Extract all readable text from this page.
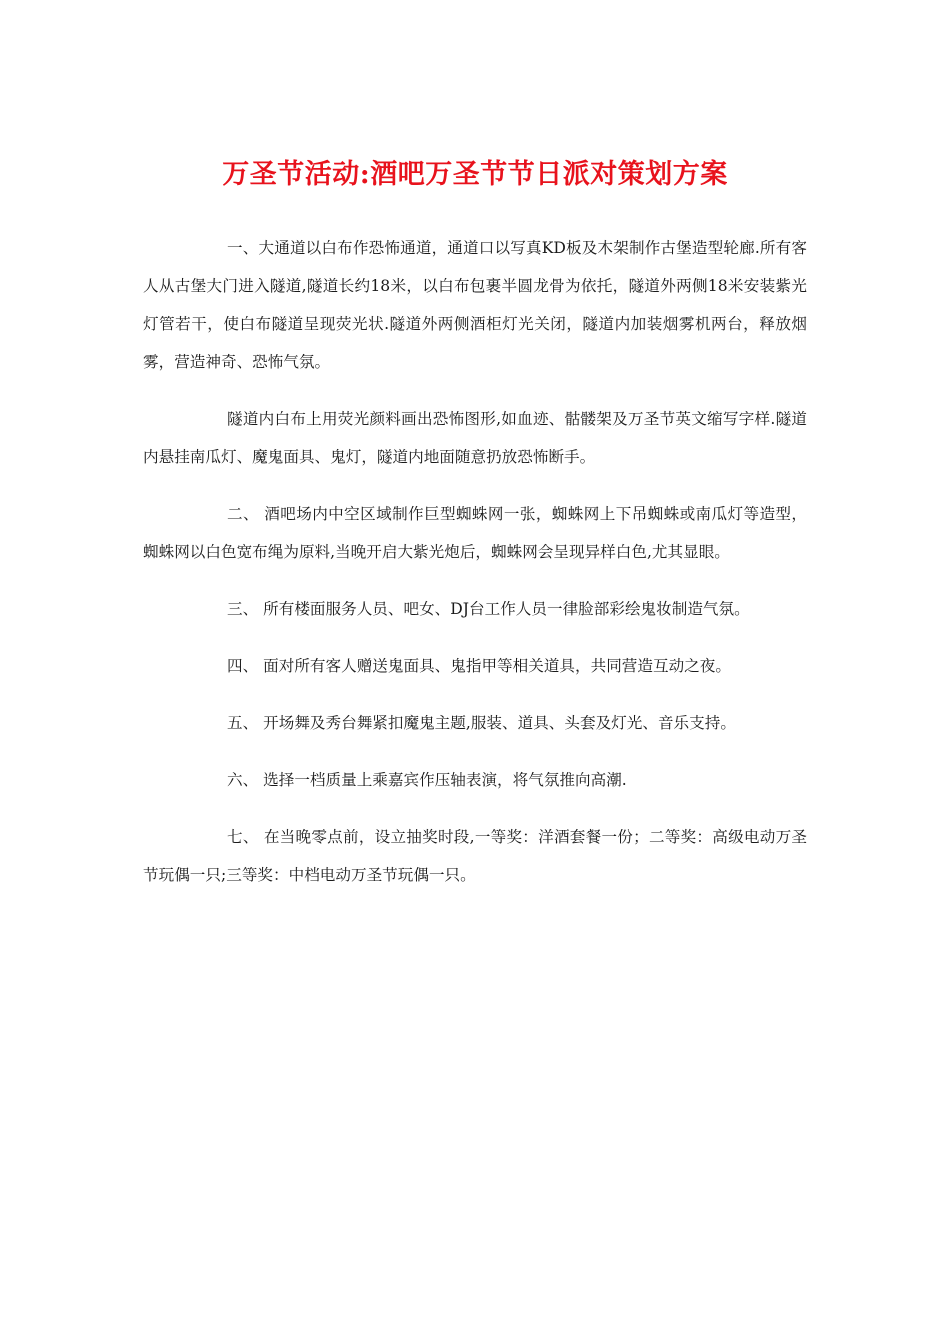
万圣节活动:酒吧万圣节节日派对策划方案

一、大通道以白布作恐怖通道，通道口以写真KD板及木架制作古堡造型轮廊.所有客人从古堡大门进入隧道,隧道长约18米，以白布包裹半圆龙骨为依托，隧道外两侧18米安装紫光灯管若干，使白布隧道呈现荧光状.隧道外两侧酒柜灯光关闭，隧道内加装烟雾机两台，释放烟雾，营造神奇、恐怖气氛。

隧道内白布上用荧光颜料画出恐怖图形,如血迹、骷髅架及万圣节英文缩写字样.隧道内悬挂南瓜灯、魔鬼面具、鬼灯，隧道内地面随意扔放恐怖断手。

二、 酒吧场内中空区域制作巨型蜘蛛网一张，蜘蛛网上下吊蜘蛛或南瓜灯等造型，蜘蛛网以白色宽布绳为原料,当晚开启大紫光炮后，蜘蛛网会呈现异样白色,尤其显眼。

三、 所有楼面服务人员、吧女、DJ台工作人员一律脸部彩绘鬼妆制造气氛。

四、 面对所有客人赠送鬼面具、鬼指甲等相关道具，共同营造互动之夜。

五、 开场舞及秀台舞紧扣魔鬼主题,服装、道具、头套及灯光、音乐支持。

六、 选择一档质量上乘嘉宾作压轴表演，将气氛推向高潮.

七、 在当晚零点前，设立抽奖时段,一等奖：洋酒套餐一份；二等奖：高级电动万圣节玩偶一只;三等奖：中档电动万圣节玩偶一只。
